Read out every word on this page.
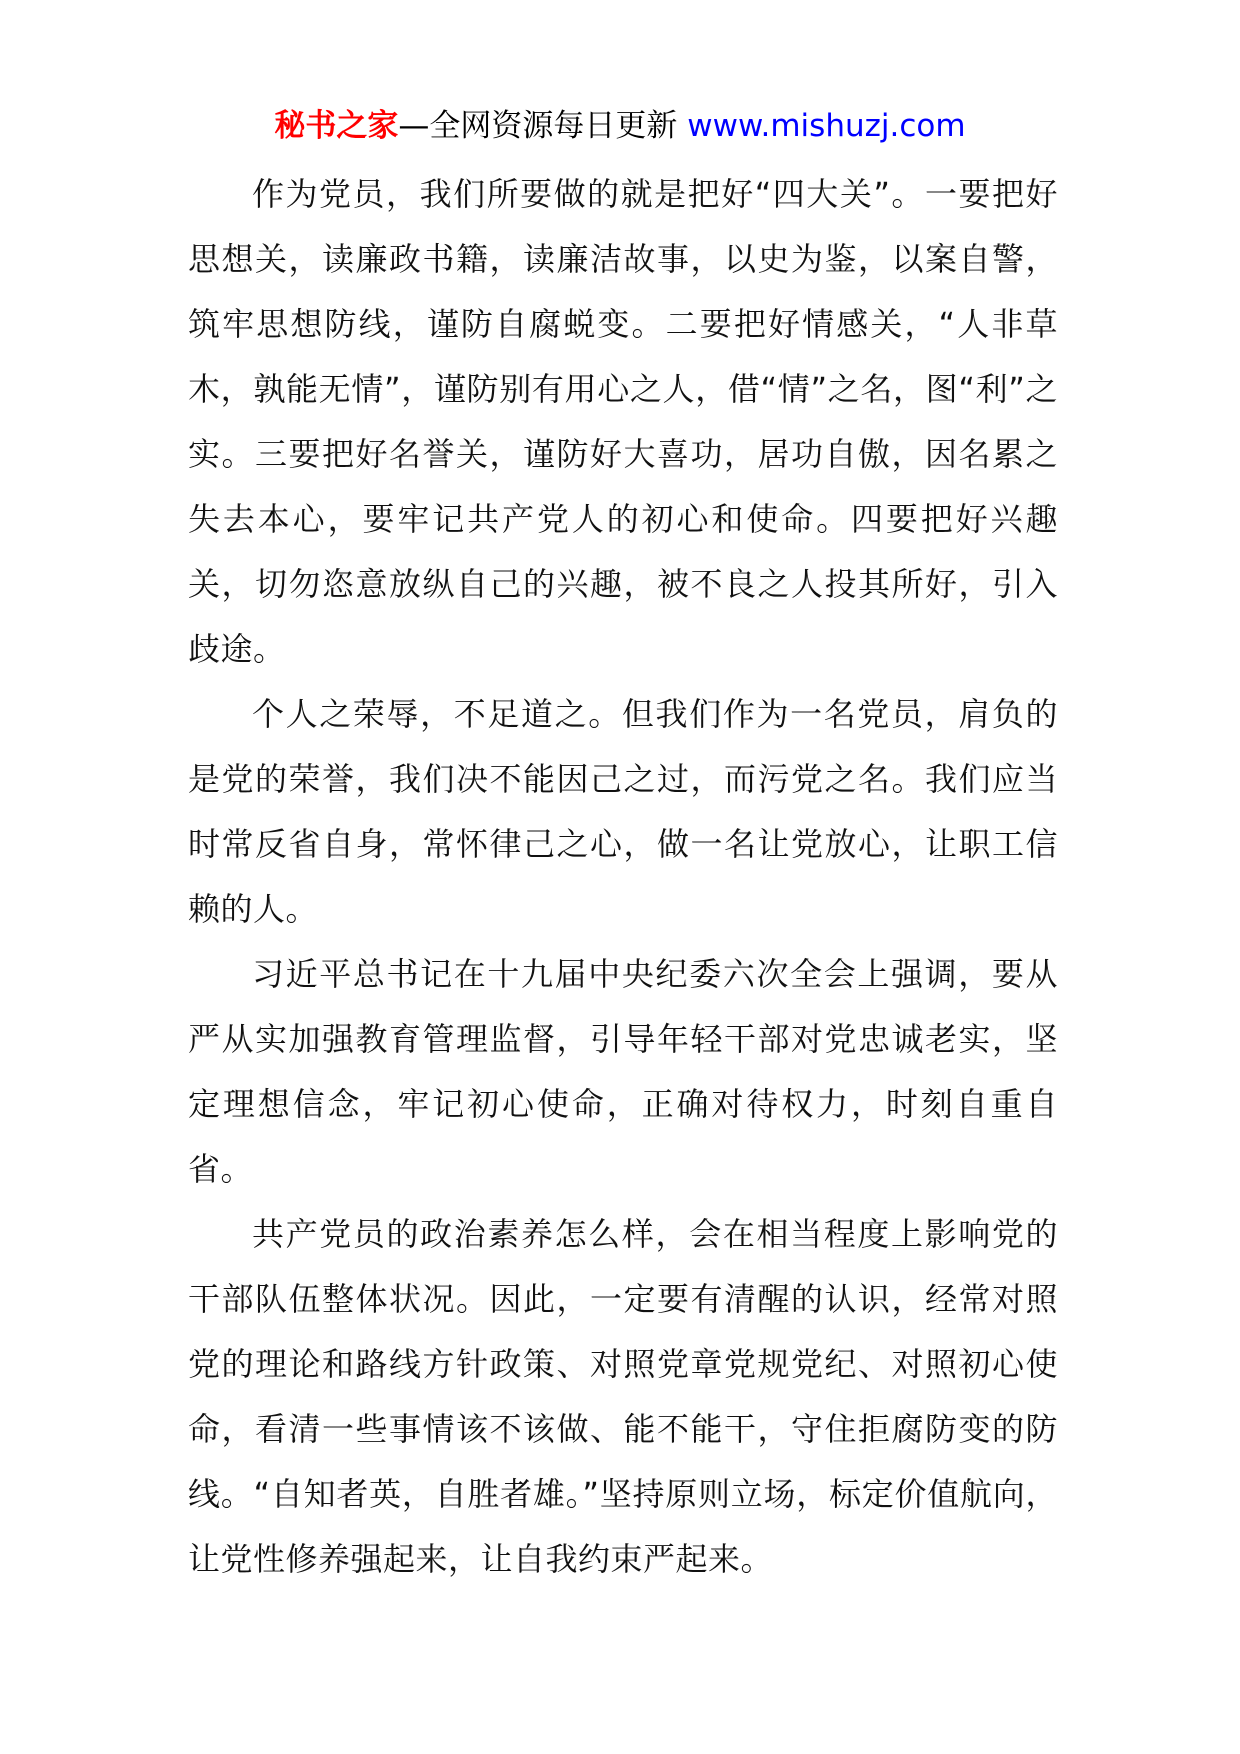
秘书之家—全网资源每日更新 www.mishuzj.com

作为党员，我们所要做的就是把好“四大关”。一要把好思想关，读廉政书籍，读廉洁故事，以史为鉴，以案自警，筑牢思想防线，谨防自腐蜕变。二要把好情感关，“人非草木，孰能无情”，谨防别有用心之人，借“情”之名，图“利”之实。三要把好名誉关，谨防好大喜功，居功自傲，因名累之失去本心，要牢记共产党人的初心和使命。四要把好兴趣关，切勿恣意放纵自己的兴趣，被不良之人投其所好，引入歧途。

个人之荣辱，不足道之。但我们作为一名党员，肩负的是党的荣誉，我们决不能因己之过，而污党之名。我们应当时常反省自身，常怀律己之心，做一名让党放心，让职工信赖的人。

习近平总书记在十九届中央纪委六次全会上强调，要从严从实加强教育管理监督，引导年轻干部对党忠诚老实，坚定理想信念，牢记初心使命，正确对待权力，时刻自重自省。

共产党员的政治素养怎么样，会在相当程度上影响党的干部队伍整体状况。因此，一定要有清醒的认识，经常对照党的理论和路线方针政策、对照党章党规党纪、对照初心使命，看清一些事情该不该做、能不能干，守住拒腐防变的防线。“自知者英，自胜者雄。”坚持原则立场，标定价值航向，让党性修养强起来，让自我约束严起来。
